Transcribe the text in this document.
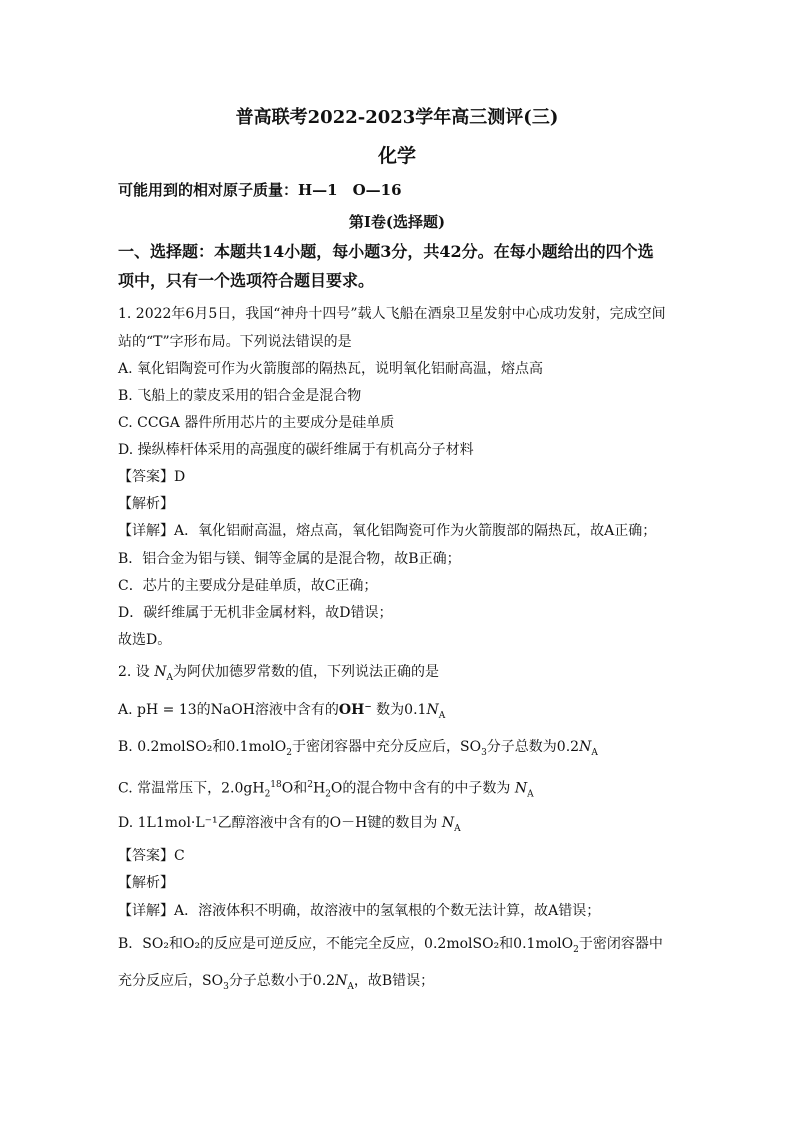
普高联考2022-2023学年高三测评(三)
化学
可能用到的相对原子质量：H—1　O—16
第I卷(选择题)
一、选择题：本题共14小题，每小题3分，共42分。在每小题给出的四个选
项中，只有一个选项符合题目要求。
1. 2022年6月5日，我国“神舟十四号”载人飞船在酒泉卫星发射中心成功发射，完成空间
站的“T”字形布局。下列说法错误的是
A. 氧化铝陶瓷可作为火箭腹部的隔热瓦，说明氧化铝耐高温，熔点高
B. 飞船上的蒙皮采用的铝合金是混合物
C. CCGA 器件所用芯片的主要成分是硅单质
D. 操纵棒杆体采用的高强度的碳纤维属于有机高分子材料
【答案】D
【解析】
【详解】A．氧化铝耐高温，熔点高，氧化铝陶瓷可作为火箭腹部的隔热瓦，故A正确；
B．铝合金为铝与镁、铜等金属的是混合物，故B正确；
C．芯片的主要成分是硅单质，故C正确；
D．碳纤维属于无机非金属材料，故D错误；
故选D。
2. 设 $N_A$为阿伏加德罗常数的值，下列说法正确的是
A. pH = 13的NaOH溶液中含有的OH⁻ 数为$0.1N_A$
B. 0.2molSO₂和0.1molO$_2$于密闭容器中充分反应后，$SO_3$分子总数为$0.2N_A$
C. 常温常压下，$2.0gH_2^{18}O$和$^2H_2O$的混合物中含有的中子数为 $N_A$
D. 1L1mol·L⁻¹乙醇溶液中含有的O－H键的数目为 $N_A$
【答案】C
【解析】
【详解】A．溶液体积不明确，故溶液中的氢氧根的个数无法计算，故A错误；
B．SO₂和O₂的反应是可逆反应，不能完全反应，0.2molSO₂和0.1molO$_2$于密闭容器中
充分反应后，$SO_3$分子总数小于$0.2N_A$，故B错误；
